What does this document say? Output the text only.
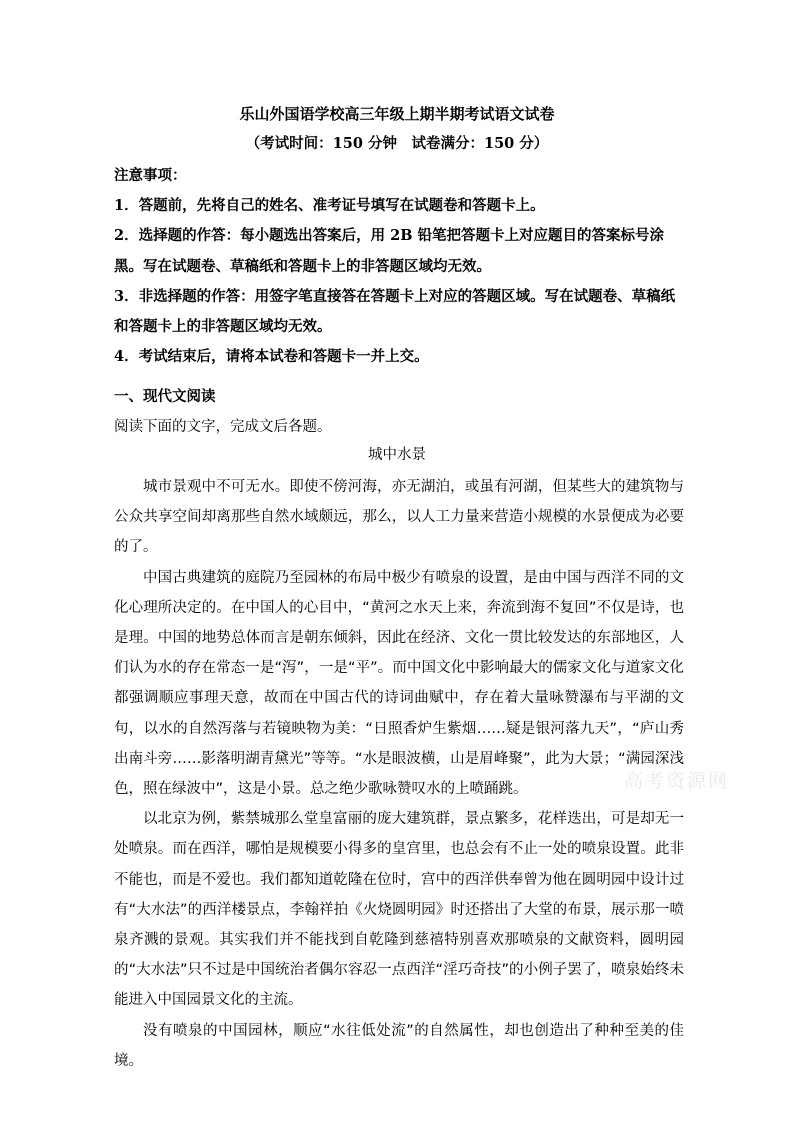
乐山外国语学校高三年级上期半期考试语文试卷
（考试时间：150 分钟　试卷满分：150 分）

注意事项：

1．答题前，先将自己的姓名、准考证号填写在试题卷和答题卡上。

2．选择题的作答：每小题选出答案后，用 2B 铅笔把答题卡上对应题目的答案标号涂黑。写在试题卷、草稿纸和答题卡上的非答题区域均无效。

3．非选择题的作答：用签字笔直接答在答题卡上对应的答题区域。写在试题卷、草稿纸和答题卡上的非答题区域均无效。

4．考试结束后，请将本试卷和答题卡一并上交。

一、现代文阅读

阅读下面的文字，完成文后各题。

城中水景

城市景观中不可无水。即使不傍河海，亦无湖泊，或虽有河湖，但某些大的建筑物与公众共享空间却离那些自然水域颇远，那么，以人工力量来营造小规模的水景便成为必要的了。

中国古典建筑的庭院乃至园林的布局中极少有喷泉的设置，是由中国与西洋不同的文化心理所决定的。在中国人的心目中，“黄河之水天上来，奔流到海不复回”不仅是诗，也是理。中国的地势总体而言是朝东倾斜，因此在经济、文化一贯比较发达的东部地区，人们认为水的存在常态一是“泻”，一是“平”。而中国文化中影响最大的儒家文化与道家文化都强调顺应事理天意，故而在中国古代的诗词曲赋中，存在着大量咏赞瀑布与平湖的文句，以水的自然泻落与若镜映物为美：“日照香炉生紫烟……疑是银河落九天”，“庐山秀出南斗旁……影落明湖青黛光”等等。“水是眼波横，山是眉峰聚”，此为大景；“满园深浅色，照在绿波中”，这是小景。总之绝少歌咏赞叹水的上喷踊跳。

以北京为例，紫禁城那么堂皇富丽的庞大建筑群，景点繁多，花样迭出，可是却无一处喷泉。而在西洋，哪怕是规模要小得多的皇宫里，也总会有不止一处的喷泉设置。此非不能也，而是不爱也。我们都知道乾隆在位时，宫中的西洋供奉曾为他在圆明园中设计过有“大水法”的西洋楼景点，李翰祥拍《火烧圆明园》时还搭出了大堂的布景，展示那一喷泉齐溅的景观。其实我们并不能找到自乾隆到慈禧特别喜欢那喷泉的文献资料，圆明园的“大水法”只不过是中国统治者偶尔容忍一点西洋“淫巧奇技”的小例子罢了，喷泉始终未能进入中国园景文化的主流。

没有喷泉的中国园林，顺应“水往低处流”的自然属性，却也创造出了种种至美的佳境。

高考资源网
